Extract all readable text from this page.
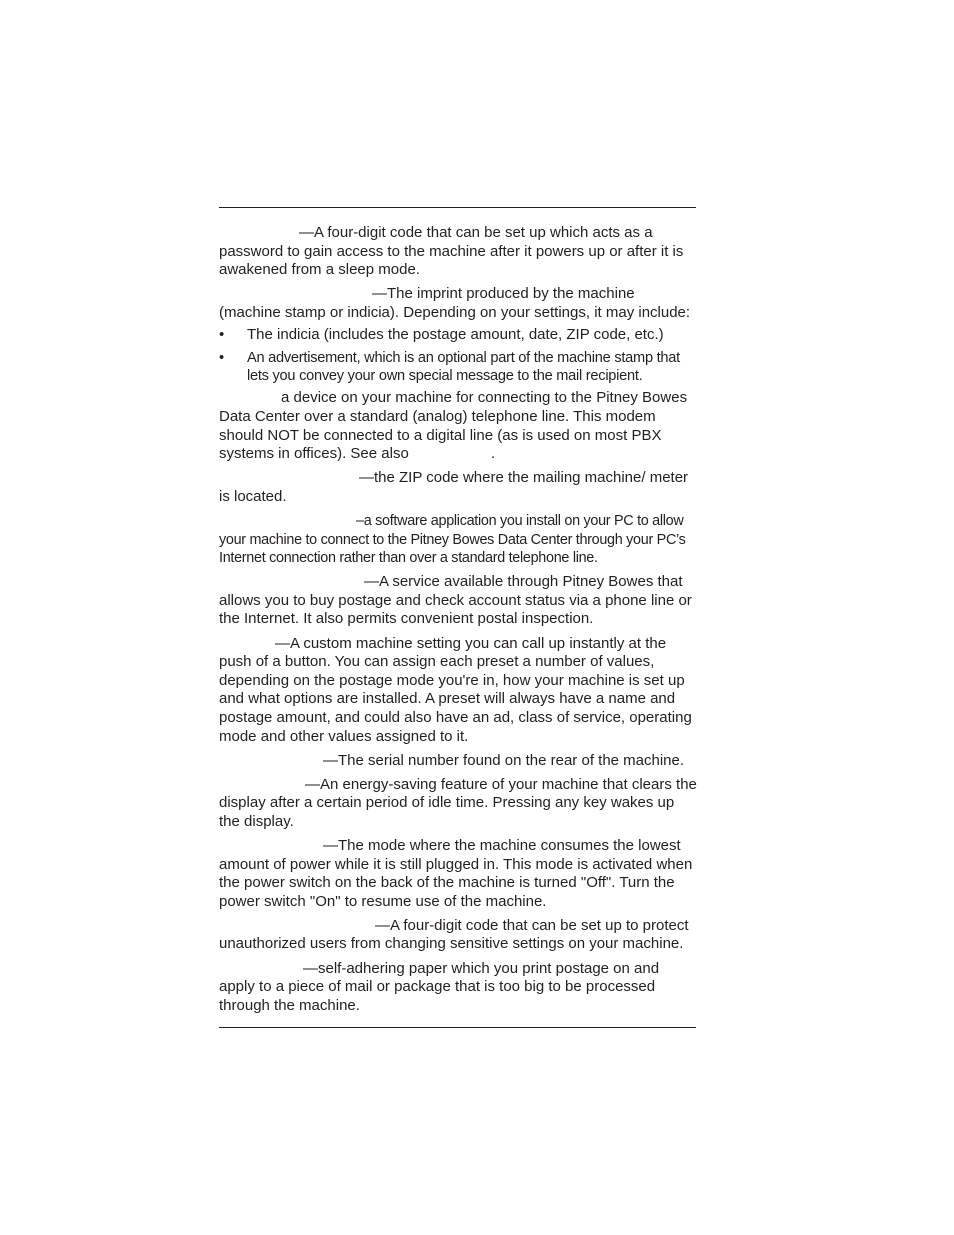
—A four-digit code that can be set up which acts as a password to gain access to the machine after it powers up or after it is awakened from a sleep mode.

—The imprint produced by the machine (machine stamp or indicia). Depending on your settings, it may include:

• The indicia (includes the postage amount, date, ZIP code, etc.)
• An advertisement, which is an optional part of the machine stamp that lets you convey your own special message to the mail recipient.

a device on your machine for connecting to the Pitney Bowes Data Center over a standard (analog) telephone line. This modem should NOT be connected to a digital line (as is used on most PBX systems in offices). See also	.

—the ZIP code where the mailing machine/ meter is located.

–a software application you install on your PC to allow your machine to connect to the Pitney Bowes Data Center through your PC’s Internet connection rather than over a standard telephone line.

—A service available through Pitney Bowes that allows you to buy postage and check account status via a phone line or the Internet. It also permits convenient postal inspection.

—A custom machine setting you can call up instantly at the push of a button. You can assign each preset a number of values, depending on the postage mode you're in, how your machine is set up and what options are installed. A preset will always have a name and postage amount, and could also have an ad, class of service, operating mode and other values assigned to it.

—The serial number found on the rear of the machine.

—An energy-saving feature of your machine that clears the display after a certain period of idle time. Pressing any key wakes up the display.

—The mode where the machine consumes the lowest amount of power while it is still plugged in. This mode is activated when the power switch on the back of the machine is turned "Off". Turn the power switch "On" to resume use of the machine.

—A four-digit code that can be set up to protect unauthorized users from changing sensitive settings on your machine.

—self-adhering paper which you print postage on and apply to a piece of mail or package that is too big to be processed through the machine.
